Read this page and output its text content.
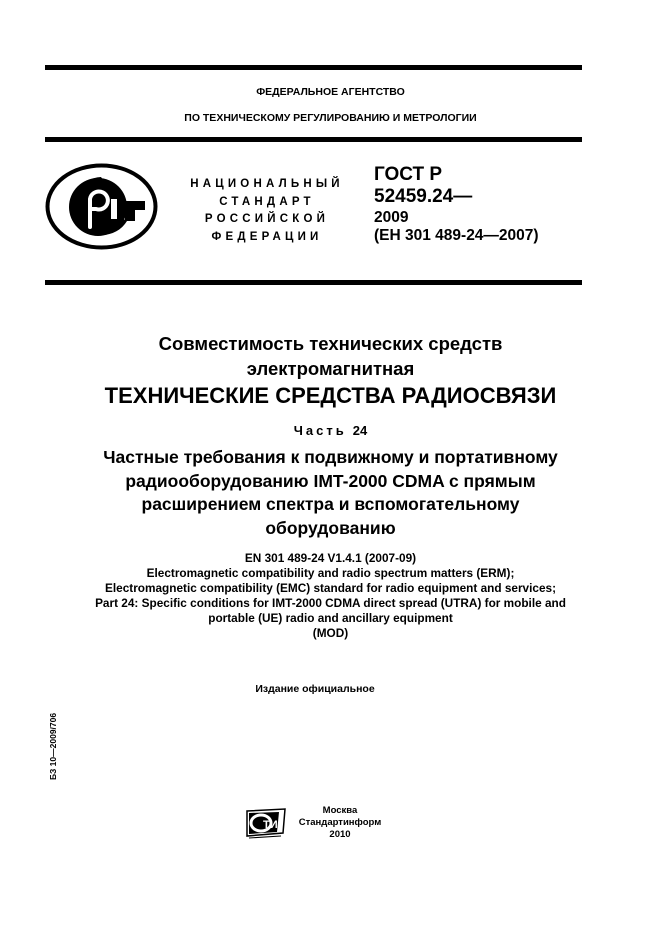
ФЕДЕРАЛЬНОЕ АГЕНТСТВО
ПО ТЕХНИЧЕСКОМУ РЕГУЛИРОВАНИЮ И МЕТРОЛОГИИ
НАЦИОНАЛЬНЫЙ
СТАНДАРТ
РОССИЙСКОЙ
ФЕДЕРАЦИИ
ГОСТ Р
52459.24—
2009
(ЕН 301 489-24—2007)
Совместимость технических средств
электромагнитная
ТЕХНИЧЕСКИЕ СРЕДСТВА РАДИОСВЯЗИ
Часть 24
Частные требования к подвижному и портативному
радиооборудованию IMT-2000 CDMA с прямым
расширением спектра и вспомогательному
оборудованию
EN 301 489-24 V1.4.1 (2007-09)
Electromagnetic compatibility and radio spectrum matters (ERM);
Electromagnetic compatibility (EMC) standard for radio equipment and services;
Part 24: Specific conditions for IMT-2000 CDMA direct spread (UTRA) for mobile and
portable (UE) radio and ancillary equipment
(MOD)
Издание официальное
БЗ 10—2009/706
ТИ
Москва
Стандартинформ
2010
